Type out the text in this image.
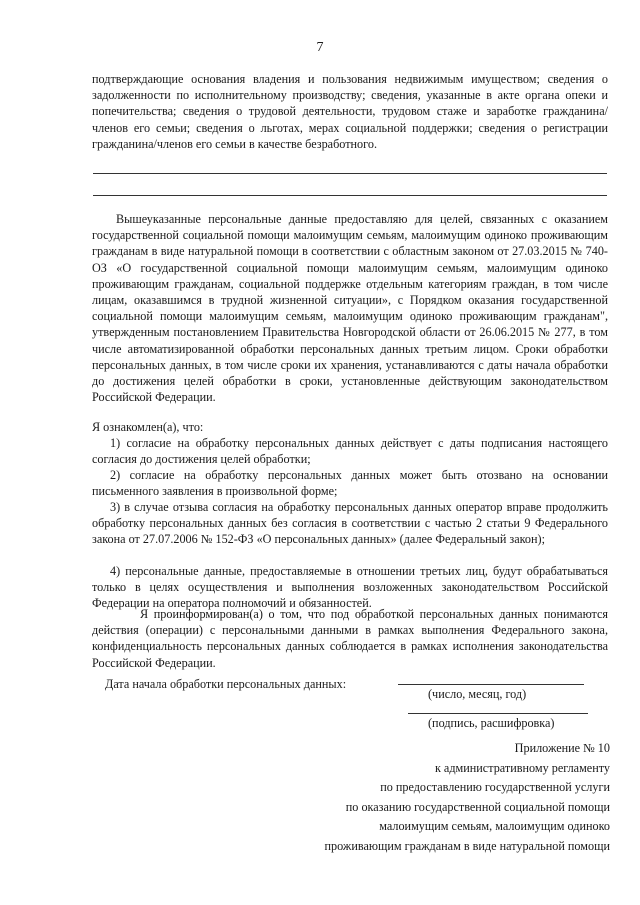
7

подтверждающие основания владения и пользования недвижимым имуществом; сведения о задолженности по исполнительному производству; сведения, указанные в акте органа опеки и попечительства; сведения о трудовой деятельности, трудовом стаже и заработке гражданина/членов его семьи; сведения о льготах, мерах социальной поддержки; сведения о регистрации гражданина/членов его семьи в качестве безработного.

Вышеуказанные персональные данные предоставляю для целей, связанных с оказанием государственной социальной помощи малоимущим семьям, малоимущим одиноко проживающим гражданам в виде натуральной помощи в соответствии с областным законом от 27.03.2015 № 740-ОЗ «О государственной социальной помощи малоимущим семьям, малоимущим одиноко проживающим гражданам, социальной поддержке отдельным категориям граждан, в том числе лицам, оказавшимся в трудной жизненной ситуации», с Порядком оказания государственной социальной помощи малоимущим семьям, малоимущим одиноко проживающим гражданам", утвержденным постановлением Правительства Новгородской области от 26.06.2015 № 277, в том числе автоматизированной обработки персональных данных третьим лицом. Сроки обработки персональных данных, в том числе сроки их хранения, устанавливаются с даты начала обработки до достижения целей обработки в сроки, установленные действующим законодательством Российской Федерации.

Я ознакомлен(а), что:

1) согласие на обработку персональных данных действует с даты подписания настоящего согласия до достижения целей обработки;

2) согласие на обработку персональных данных может быть отозвано на основании письменного заявления в произвольной форме;

3) в случае отзыва согласия на обработку персональных данных оператор вправе продолжить обработку персональных данных без согласия в соответствии с частью 2 статьи 9 Федерального закона от 27.07.2006 № 152-ФЗ «О персональных данных» (далее Федеральный закон);

4) персональные данные, предоставляемые в отношении третьих лиц, будут обрабатываться только в целях осуществления и выполнения возложенных законодательством Российской Федерации на оператора полномочий и обязанностей.

Я проинформирован(а) о том, что под обработкой персональных данных понимаются действия (операции) с персональными данными в рамках выполнения Федерального закона, конфиденциальность персональных данных соблюдается в рамках исполнения законодательства Российской Федерации.

Дата начала обработки персональных данных:
(число, месяц, год)
(подпись, расшифровка)
Приложение № 10
к административному регламенту
по предоставлению государственной услуги
по оказанию государственной социальной помощи
малоимущим семьям, малоимущим одиноко
проживающим гражданам в виде натуральной помощи
